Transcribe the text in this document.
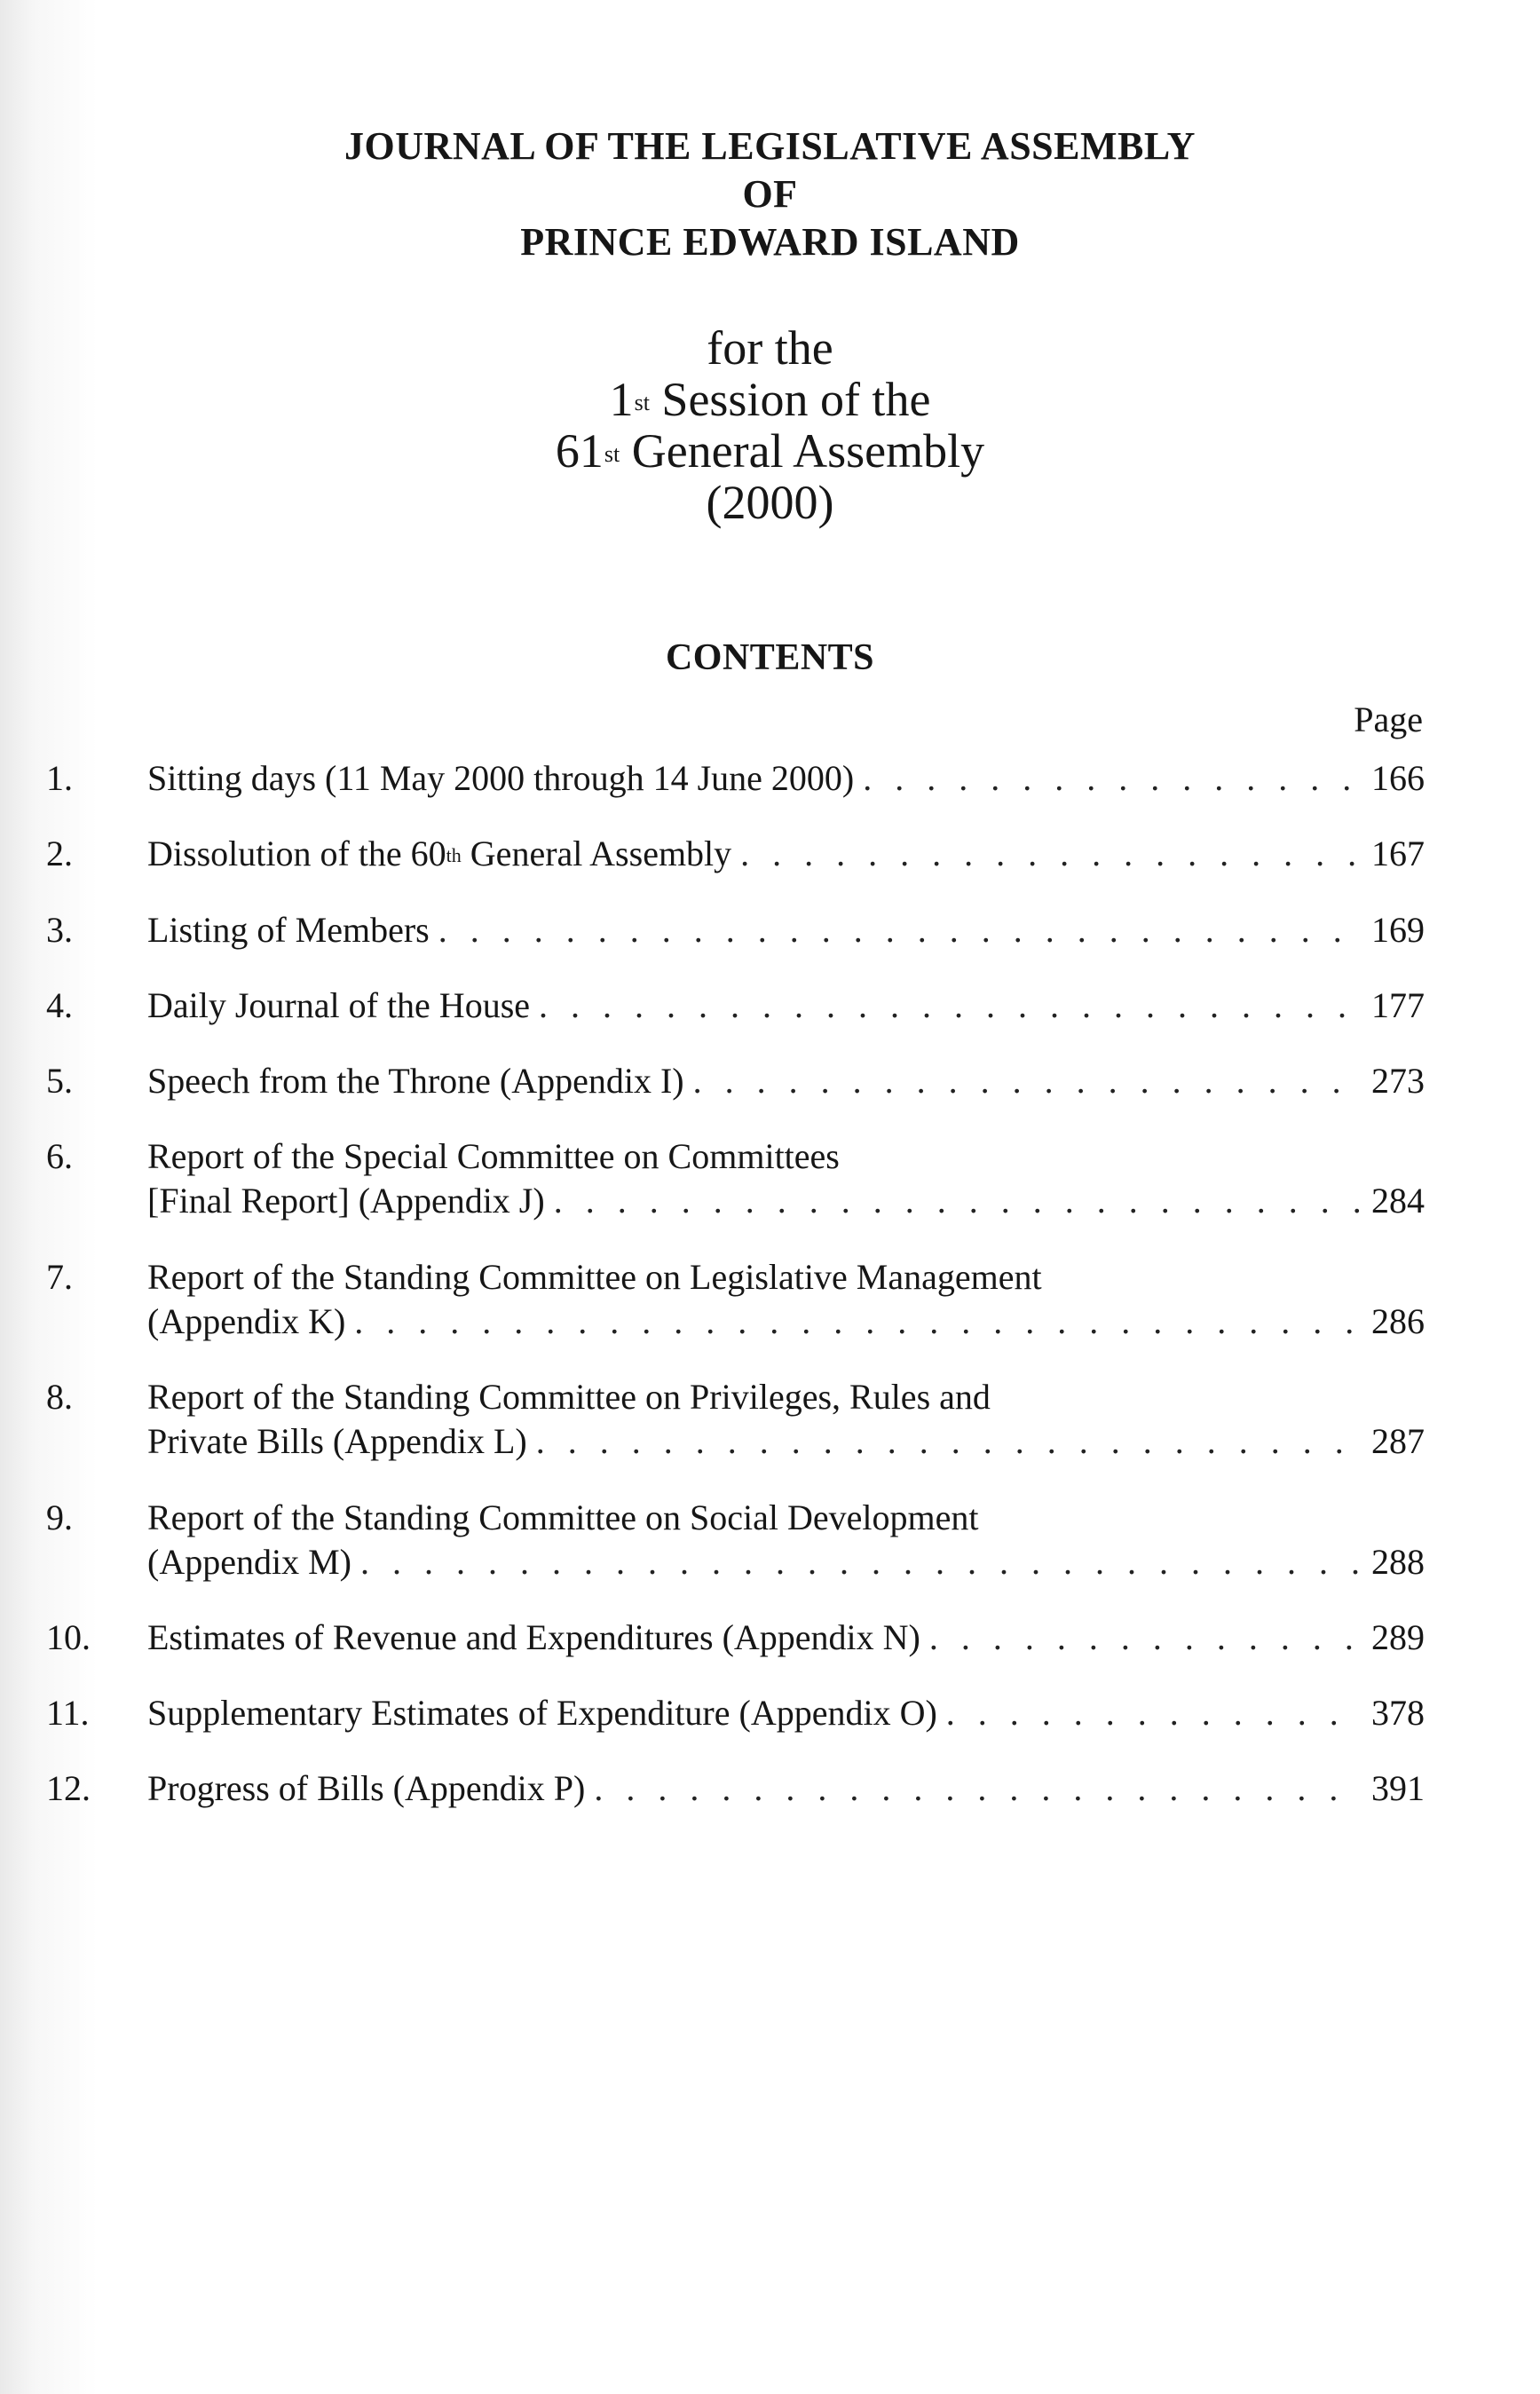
JOURNAL OF THE LEGISLATIVE ASSEMBLY
OF
PRINCE EDWARD ISLAND
for the
1st Session of the
61st General Assembly
(2000)
CONTENTS
Page
1.	Sitting days (11 May 2000 through 14 June 2000) . . .	166
2.	Dissolution of the 60th General Assembly . . .	167
3.	Listing of Members . . .	169
4.	Daily Journal of the House . . .	177
5.	Speech from the Throne (Appendix I) . . .	273
6.	Report of the Special Committee on Committees
[Final Report] (Appendix J) . . .	284
7.	Report of the Standing Committee on Legislative Management
(Appendix K) . . .	286
8.	Report of the Standing Committee on Privileges, Rules and
Private Bills (Appendix L) . . .	287
9.	Report of the Standing Committee on Social Development
(Appendix M) . . .	288
10.	Estimates of Revenue and Expenditures (Appendix N) . . .	289
11.	Supplementary Estimates of Expenditure (Appendix O) . . .	378
12.	Progress of Bills (Appendix P) . . .	391
